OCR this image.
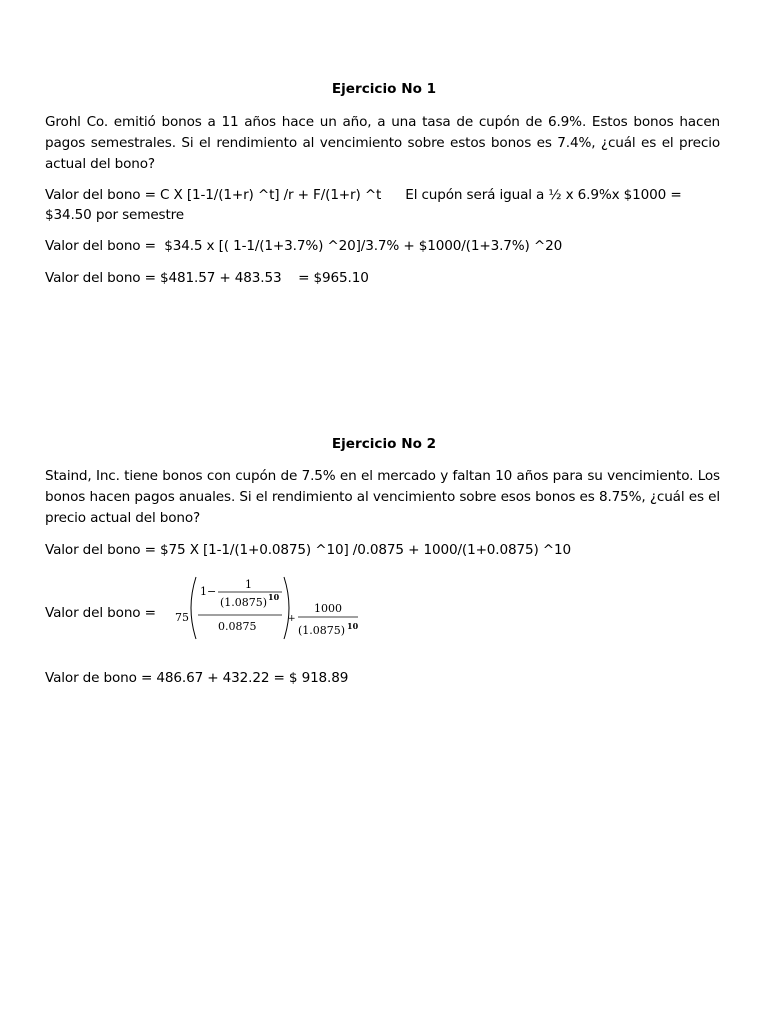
Ejercicio No 1
Grohl Co. emitió bonos a 11 años hace un año, a una tasa de cupón de 6.9%. Estos bonos hacen pagos semestrales. Si el rendimiento al vencimiento sobre estos bonos es 7.4%, ¿cuál es el precio actual del bono?
Valor del bono = C X [1-1/(1+r) ^t] /r + F/(1+r) ^t El cupón será igual a ½ x 6.9%x $1000 =
$34.50 por semestre
Valor del bono =  $34.5 x [( 1-1/(1+3.7%) ^20]/3.7% + $1000/(1+3.7%) ^20
Valor del bono = $481.57 + 483.53    = $965.10
Ejercicio No 2
Staind, Inc. tiene bonos con cupón de 7.5% en el mercado y faltan 10 años para su vencimiento. Los bonos hacen pagos anuales. Si el rendimiento al vencimiento sobre esos bonos es 8.75%, ¿cuál es el precio actual del bono?
Valor del bono = $75 X [1-1/(1+0.0875) ^10] /0.0875 + 1000/(1+0.0875) ^10
Valor del bono = 75
1−
1
(1.0875) 10
0.0875
+
1000
(1.0875) 10
Valor de bono = 486.67 + 432.22 = $ 918.89
